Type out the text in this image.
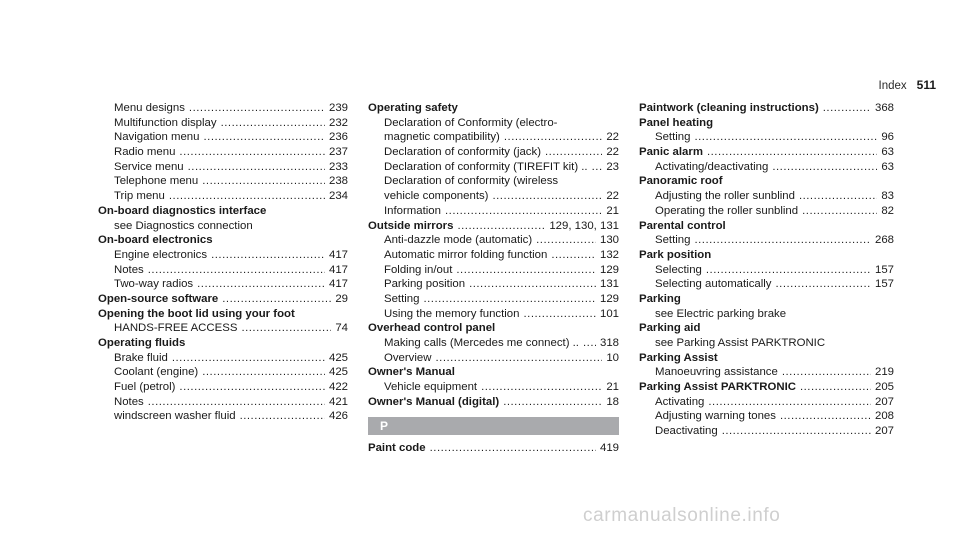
Index 511
Menu designs .....	239
Multifunction display .....	232
Navigation menu .....	236
Radio menu .....	237
Service menu .....	233
Telephone menu .....	238
Trip menu .....	234
On-board diagnostics interface
see Diagnostics connection
On-board electronics
Engine electronics .....	417
Notes .....	417
Two-way radios .....	417
Open-source software .....	29
Opening the boot lid using your foot
HANDS-FREE ACCESS .....	74
Operating fluids
Brake fluid .....	425
Coolant (engine) .....	425
Fuel (petrol) .....	422
Notes .....	421
windscreen washer fluid .....	426
Operating safety
Declaration of Conformity (electro-
magnetic compatibility) .....	22
Declaration of conformity (jack) .....	22
Declaration of conformity (TIREFIT kit) .. ..... 23
Declaration of conformity (wireless
vehicle components) .....	22
Information .....	21
Outside mirrors .....	129, 130, 131
Anti-dazzle mode (automatic) .....	130
Automatic mirror folding function .....	132
Folding in/out .....	129
Parking position .....	131
Setting .....	129
Using the memory function .....	101
Overhead control panel
Making calls (Mercedes me connect) .. ..... 318
Overview .....	10
Owner's Manual
Vehicle equipment .....	21
Owner's Manual (digital) .....	18
P
Paint code .....	419
Paintwork (cleaning instructions) .....	368
Panel heating
Setting .....	96
Panic alarm .....	63
Activating/deactivating .....	63
Panoramic roof
Adjusting the roller sunblind .....	83
Operating the roller sunblind .....	82
Parental control
Setting .....	268
Park position
Selecting .....	157
Selecting automatically .....	157
Parking
see Electric parking brake
Parking aid
see Parking Assist PARKTRONIC
Parking Assist
Manoeuvring assistance .....	219
Parking Assist PARKTRONIC .....	205
Activating .....	207
Adjusting warning tones .....	208
Deactivating .....	207
carmanualsonline.info
